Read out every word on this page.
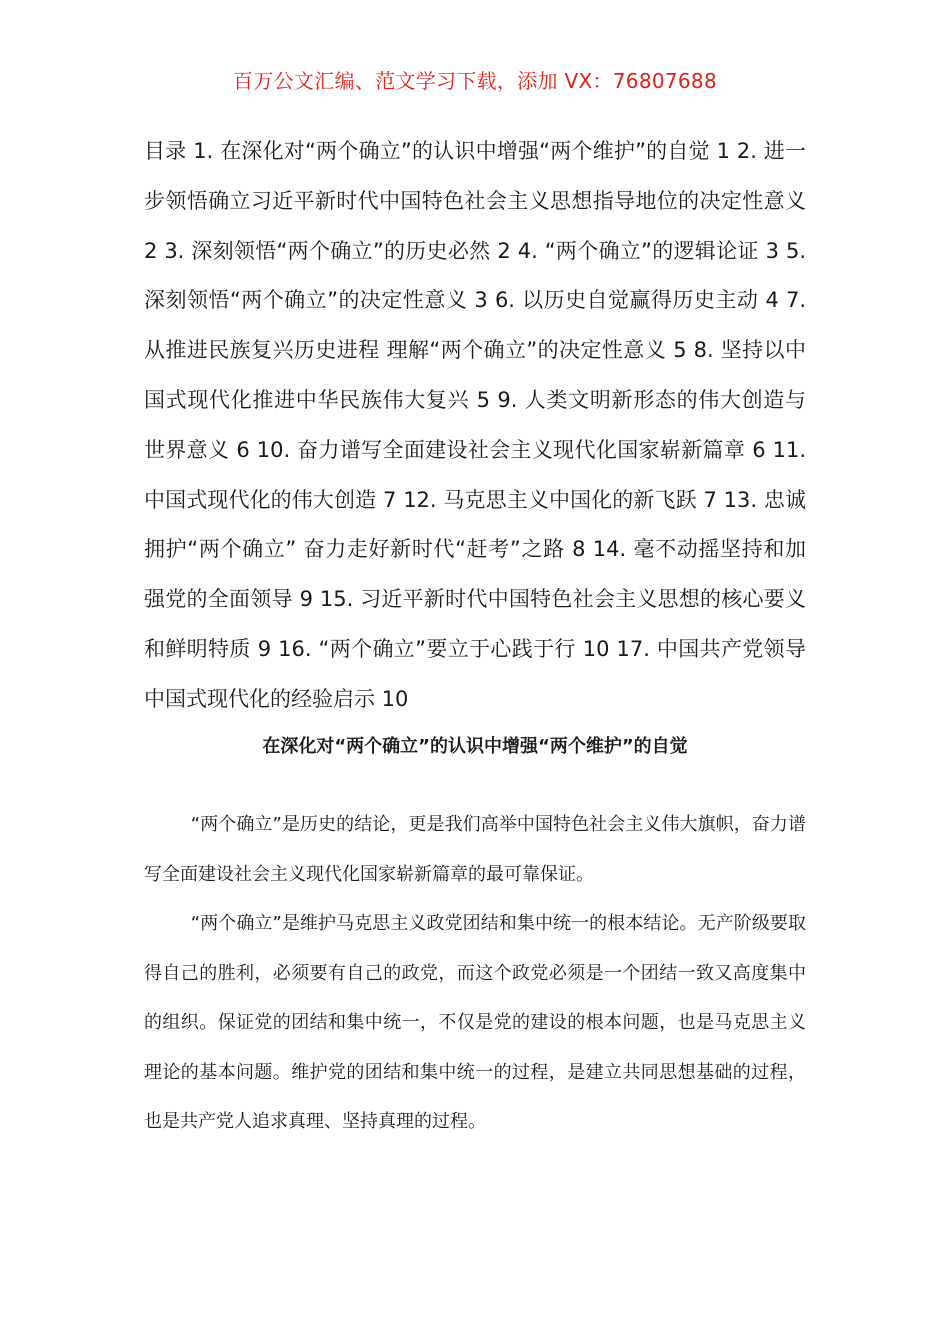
百万公文汇编、范文学习下载，添加 VX：76807688
目录 1. 在深化对“两个确立”的认识中增强“两个维护”的自觉 1 2. 进一步领悟确立习近平新时代中国特色社会主义思想指导地位的决定性意义 2 3. 深刻领悟“两个确立”的历史必然 2 4. “两个确立”的逻辑论证 3 5. 深刻领悟“两个确立”的决定性意义 3 6. 以历史自觉赢得历史主动 4 7. 从推进民族复兴历史进程 理解“两个确立”的决定性意义 5 8. 坚持以中国式现代化推进中华民族伟大复兴 5 9. 人类文明新形态的伟大创造与世界意义 6 10. 奋力谱写全面建设社会主义现代化国家崭新篇章 6 11. 中国式现代化的伟大创造 7 12. 马克思主义中国化的新飞跃 7 13. 忠诚拥护“两个确立” 奋力走好新时代“赶考”之路 8 14. 毫不动摇坚持和加强党的全面领导 9 15. 习近平新时代中国特色社会主义思想的核心要义和鲜明特质 9 16. “两个确立”要立于心践于行 10 17. 中国共产党领导中国式现代化的经验启示 10
在深化对“两个确立”的认识中增强“两个维护”的自觉

“两个确立”是历史的结论，更是我们高举中国特色社会主义伟大旗帜，奋力谱写全面建设社会主义现代化国家崭新篇章的最可靠保证。

“两个确立”是维护马克思主义政党团结和集中统一的根本结论。无产阶级要取得自己的胜利，必须要有自己的政党，而这个政党必须是一个团结一致又高度集中的组织。保证党的团结和集中统一，不仅是党的建设的根本问题，也是马克思主义理论的基本问题。维护党的团结和集中统一的过程，是建立共同思想基础的过程，也是共产党人追求真理、坚持真理的过程。
